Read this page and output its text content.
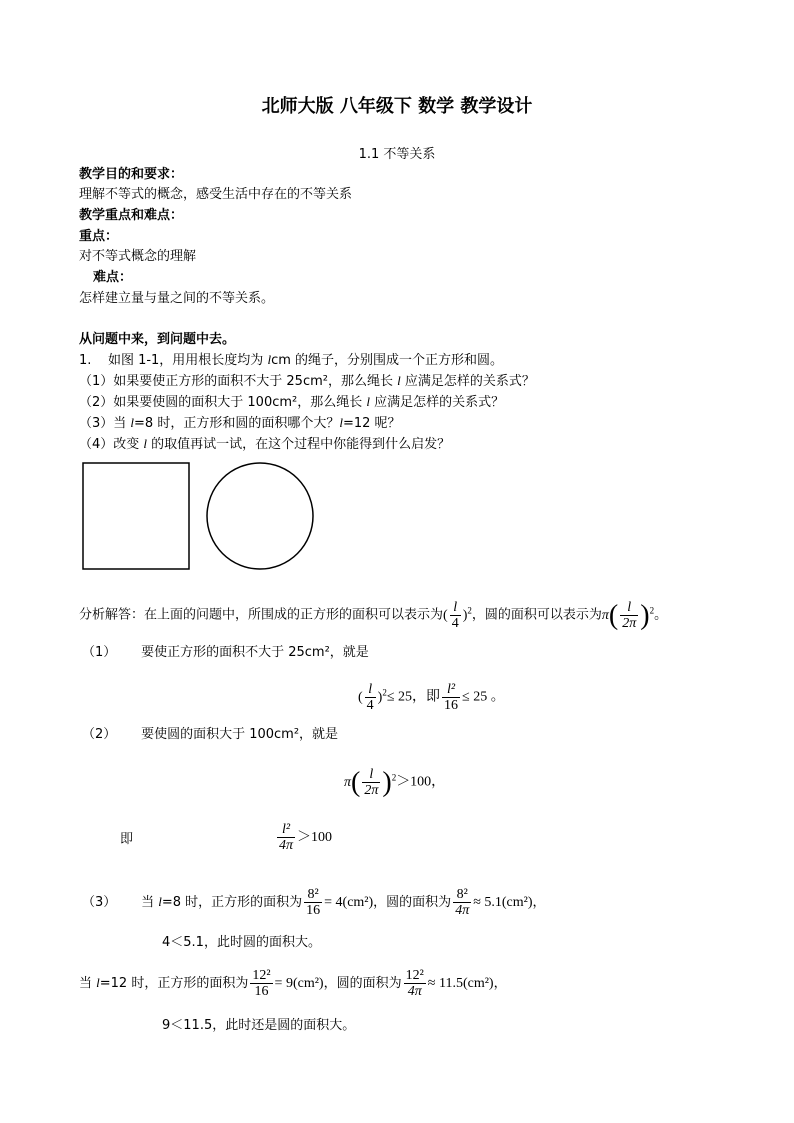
北师大版 八年级下 数学 教学设计
1.1 不等关系
教学目的和要求：
理解不等式的概念，感受生活中存在的不等关系
教学重点和难点：
重点：
对不等式概念的理解
难点：
怎样建立量与量之间的不等关系。
从问题中来，到问题中去。
1. 如图 1-1，用用根长度均为 lcm 的绳子，分别围成一个正方形和圆。
（1）如果要使正方形的面积不大于 25cm²，那么绳长 l 应满足怎样的关系式？
（2）如果要使圆的面积大于 100cm²，那么绳长 l 应满足怎样的关系式？
（3）当 l=8 时，正方形和圆的面积哪个大？l=12 呢？
（4）改变 l 的取值再试一试，在这个过程中你能得到什么启发？
分析解答：在上面的问题中，所围成的正方形的面积可以表示为( $\frac{l}{4} )^2$，圆的面积可以表示为$\pi( \frac{l}{2\pi} )^2$。
（1） 要使正方形的面积不大于 25cm²，就是
( $\frac{l}{4} )^2\le 25$，即 $\frac{\text{l²}}{16} \le 25$ 。
（2） 要使圆的面积大于 100cm²，就是
$\pi( \frac{l}{2\pi} )^2>100$，
即	$\frac{\text{l²}}{4\pi} >100$
（3） 当 l=8 时，正方形的面积为 $\frac{\text{8²}}{16} = 4(cm^2)$，圆的面积为 $\frac{\text{8²}}{4\pi} \approx 5.1(cm^2)$，
4＜5.1，此时圆的面积大。
当 l=12 时，正方形的面积为 $\frac{\text{12²}}{16} = 9(cm^2)$，圆的面积为 $\frac{\text{12²}}{4\pi} \approx 11.5(cm^2)$，
9＜11.5，此时还是圆的面积大。
